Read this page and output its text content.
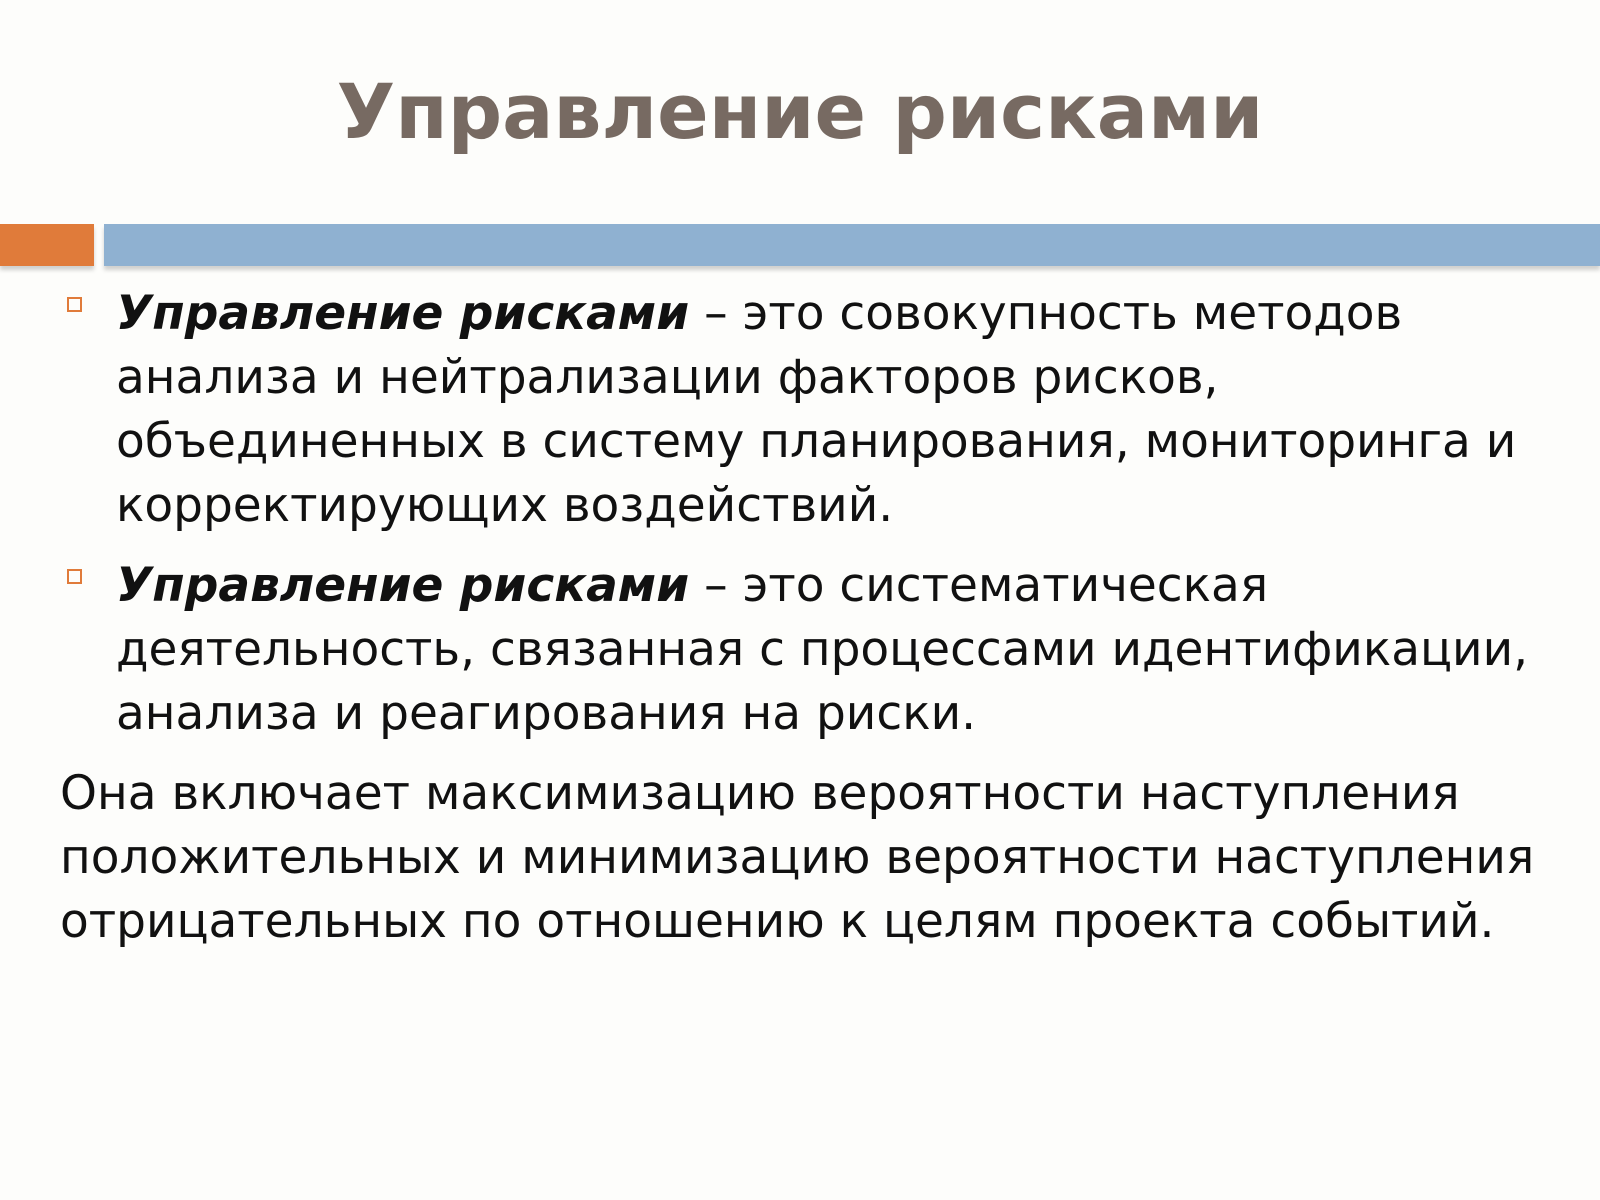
Управление рисками
Управление рисками – это совокупность методов анализа и нейтрализации факторов рисков, объединенных в систему планирования, мониторинга и корректирующих воздействий.
Управление рисками – это систематическая деятельность, связанная с процессами идентификации, анализа и реагирования на риски.

Она включает максимизацию вероятности наступления положительных и минимизацию вероятности наступления отрицательных по отношению к целям проекта событий.
